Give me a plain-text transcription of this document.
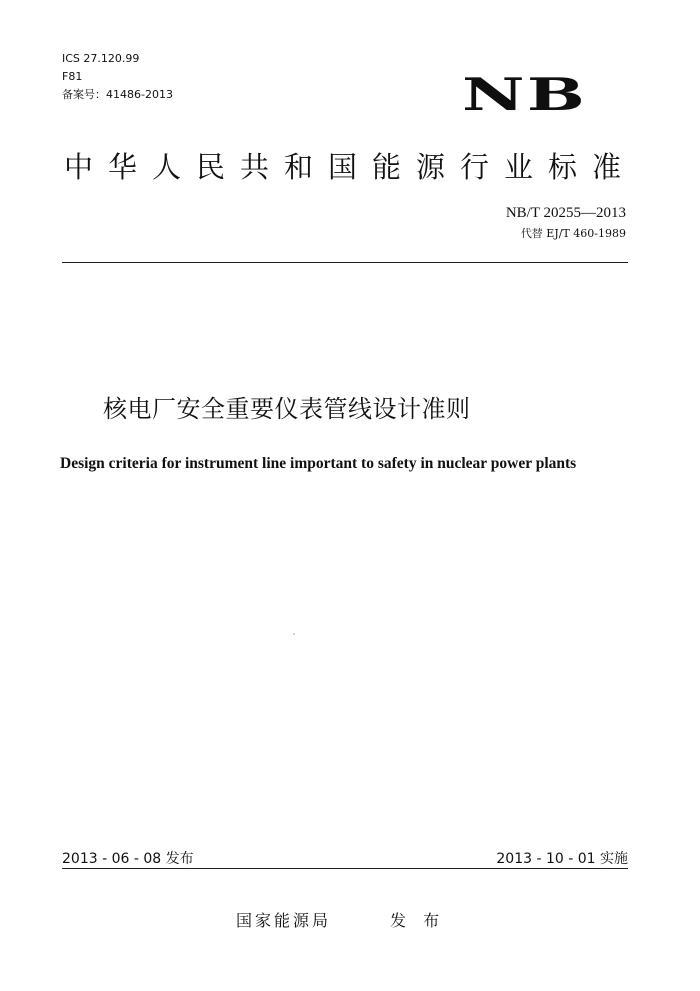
ICS 27.120.99
F81
备案号：41486-2013	NB
中华人民共和国能源行业标准
NB/T 20255—2013
代替 EJ/T 460-1989
核电厂安全重要仪表管线设计准则
Design criteria for instrument line important to safety in nuclear power plants
2013 - 06 - 08 发布	2013 - 10 - 01 实施
国家能源局	发 布
